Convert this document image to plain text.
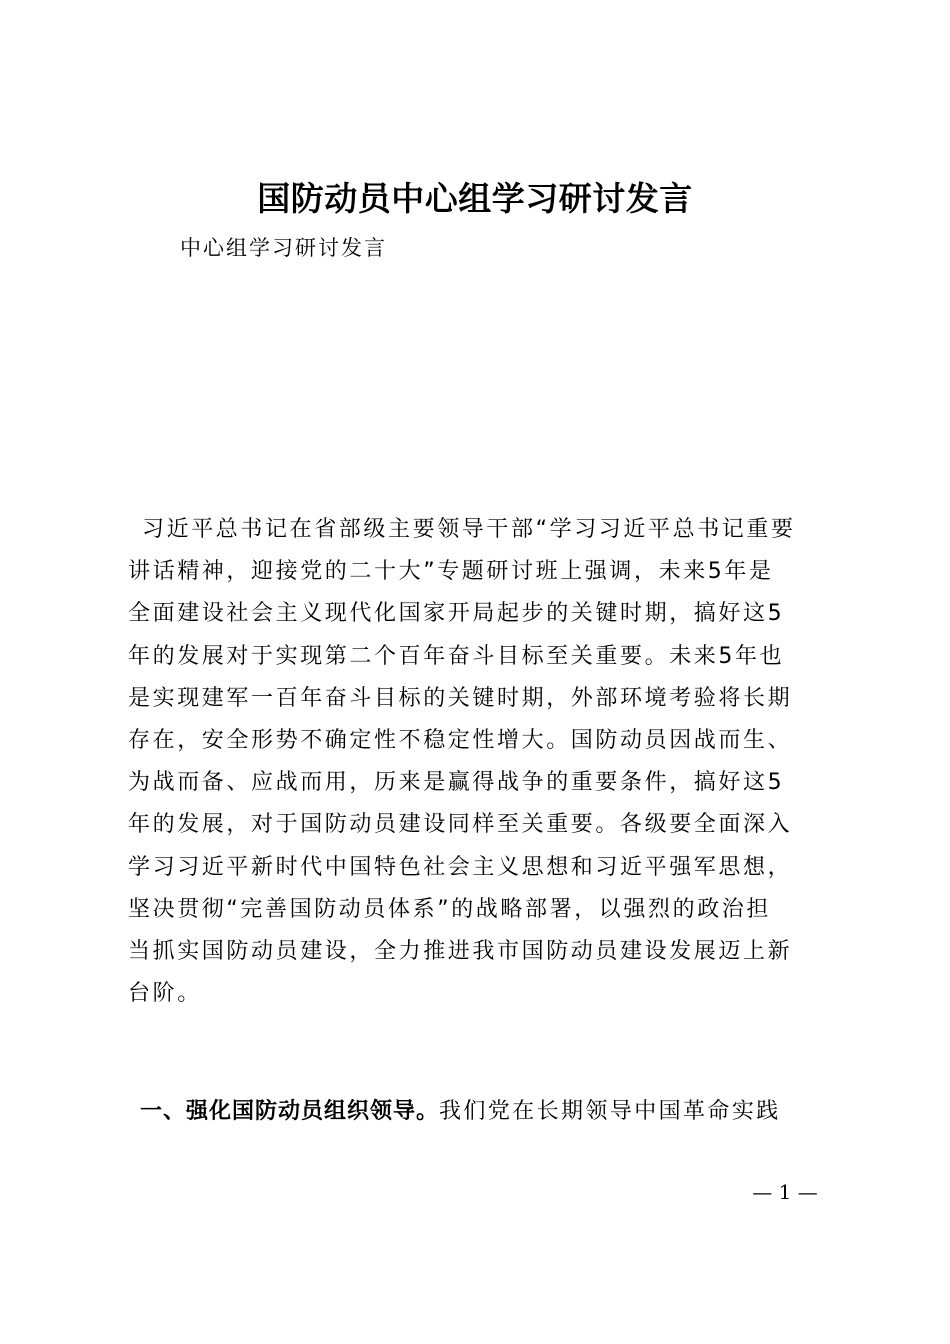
国防动员中心组学习研讨发言
中心组学习研讨发言
习近平总书记在省部级主要领导干部“学习习近平总书记重要
讲话精神，迎接党的二十大”专题研讨班上强调，未来5年是
全面建设社会主义现代化国家开局起步的关键时期，搞好这5
年的发展对于实现第二个百年奋斗目标至关重要。未来5年也
是实现建军一百年奋斗目标的关键时期，外部环境考验将长期
存在，安全形势不确定性不稳定性增大。国防动员因战而生、
为战而备、应战而用，历来是赢得战争的重要条件，搞好这5
年的发展，对于国防动员建设同样至关重要。各级要全面深入
学习习近平新时代中国特色社会主义思想和习近平强军思想，
坚决贯彻“完善国防动员体系”的战略部署，以强烈的政治担
当抓实国防动员建设，全力推进我市国防动员建设发展迈上新
台阶。
一、强化国防动员组织领导。我们党在长期领导中国革命实践
— 1 —
